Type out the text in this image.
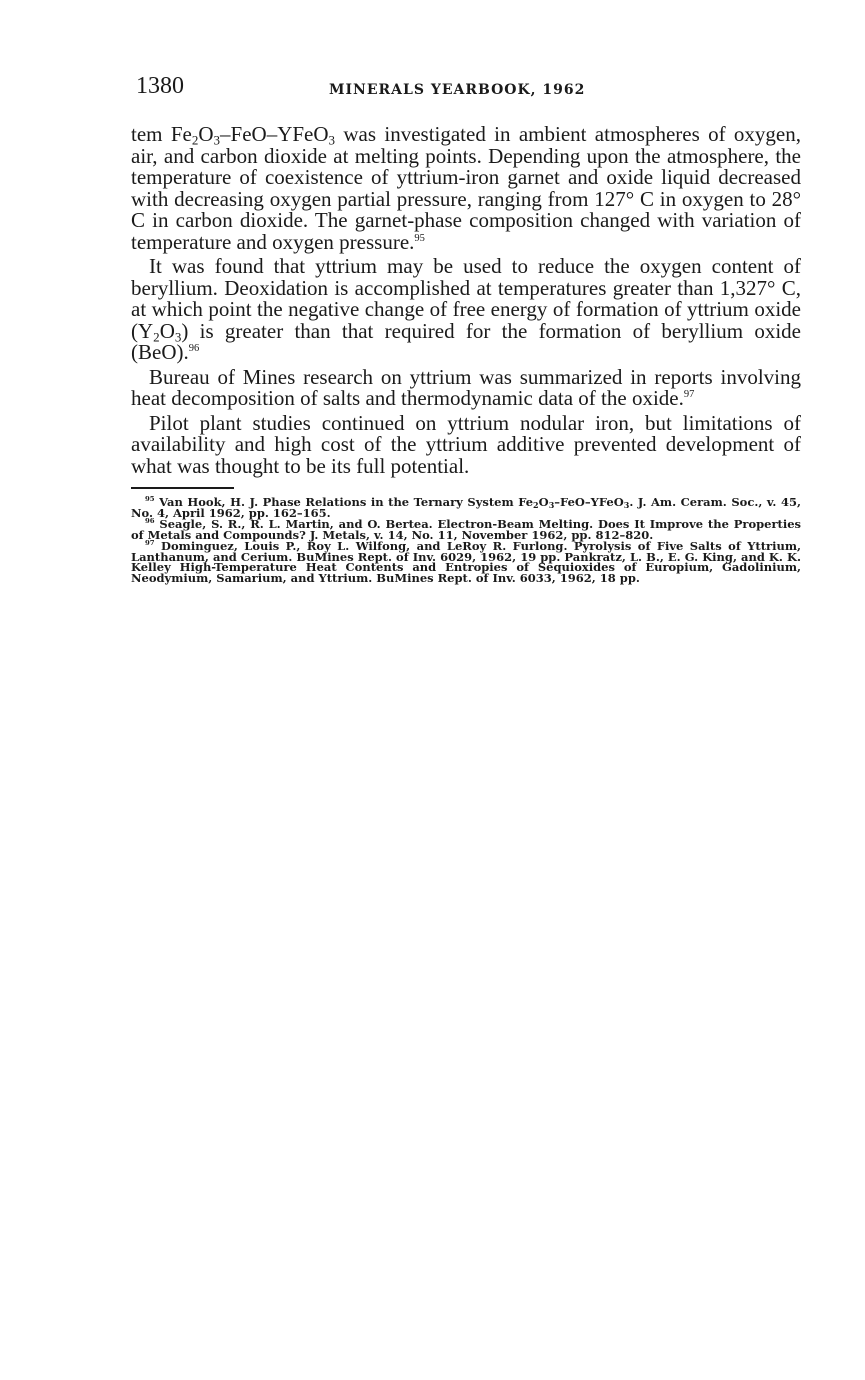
1380	MINERALS YEARBOOK, 1962

tem $Fe_2O_3-FeO-YFeO_3$ was investigated in ambient atmospheres of oxygen, air, and carbon dioxide at melting points. Depending upon the atmosphere, the temperature of coexistence of yttrium-iron garnet and oxide liquid decreased with decreasing oxygen partial pressure, ranging from 127° C in oxygen to 28° C in carbon dioxide. The garnet-phase composition changed with variation of temperature and oxygen pressure.$^{95}$

It was found that yttrium may be used to reduce the oxygen content of beryllium. Deoxidation is accomplished at temperatures greater than 1,327° C, at which point the negative change of free energy of formation of yttrium oxide $(Y_2O_3)$ is greater than that required for the formation of beryllium oxide (BeO).$^{96}$

Bureau of Mines research on yttrium was summarized in reports involving heat decomposition of salts and thermodynamic data of the oxide.$^{97}$

Pilot plant studies continued on yttrium nodular iron, but limitations of availability and high cost of the yttrium additive prevented development of what was thought to be its full potential.

$^{95}$ Van Hook, H. J. Phase Relations in the Ternary System $Fe_2O_3-FeO-YFeO_3$. J. Am. Ceram. Soc., v. 45, No. 4, April 1962, pp. 162–165.

$^{96}$ Seagle, S. R., R. L. Martin, and O. Bertea. Electron-Beam Melting. Does It Improve the Properties of Metals and Compounds? J. Metals, v. 14, No. 11, November 1962, pp. 812–820.

$^{97}$ Dominguez, Louis P., Roy L. Wilfong, and LeRoy R. Furlong. Pyrolysis of Five Salts of Yttrium, Lanthanum, and Cerium. BuMines Rept. of Inv. 6029, 1962, 19 pp. Pankratz, L. B., E. G. King, and K. K. Kelley High-Temperature Heat Contents and Entropies of Sequioxides of Europium, Gadolinium, Neodymium, Samarium, and Yttrium. BuMines Rept. of Inv. 6033, 1962, 18 pp.
